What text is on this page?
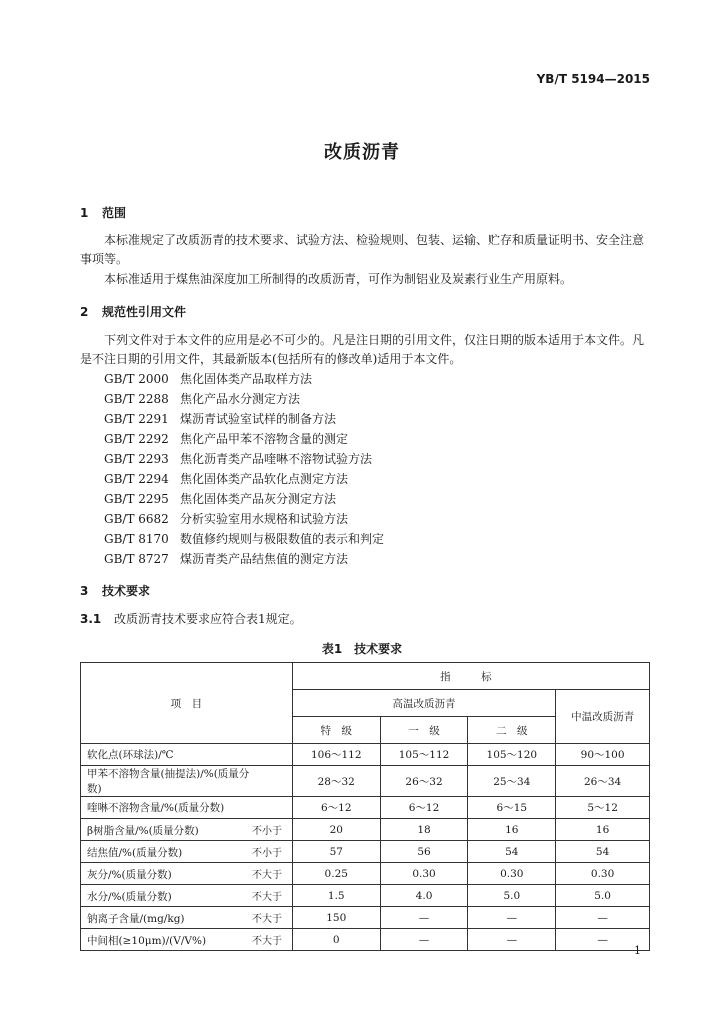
YB/T 5194—2015
改质沥青
1 范围
本标准规定了改质沥青的技术要求、试验方法、检验规则、包装、运输、贮存和质量证明书、安全注意事项等。
本标准适用于煤焦油深度加工所制得的改质沥青，可作为制铝业及炭素行业生产用原料。
2 规范性引用文件
下列文件对于本文件的应用是必不可少的。凡是注日期的引用文件，仅注日期的版本适用于本文件。凡是不注日期的引用文件，其最新版本(包括所有的修改单)适用于本文件。
GB/T 2000 焦化固体类产品取样方法
GB/T 2288 焦化产品水分测定方法
GB/T 2291 煤沥青试验室试样的制备方法
GB/T 2292 焦化产品甲苯不溶物含量的测定
GB/T 2293 焦化沥青类产品喹啉不溶物试验方法
GB/T 2294 焦化固体类产品软化点测定方法
GB/T 2295 焦化固体类产品灰分测定方法
GB/T 6682 分析实验室用水规格和试验方法
GB/T 8170 数值修约规则与极限数值的表示和判定
GB/T 8727 煤沥青类产品结焦值的测定方法
3 技术要求
3.1 改质沥青技术要求应符合表1规定。
表1　技术要求
项　目	指　标			
	高温改质沥青			中温改质沥青
	特　级	一　级	二　级	
软化点(环球法)/℃	106～112	105～112	105～120	90～100
甲苯不溶物含量(抽提法)/%(质量分数)	28～32	26～32	25～34	26～34
喹啉不溶物含量/%(质量分数)	6～12	6～12	6～15	5～12
β树脂含量/%(质量分数) 不小于	20	18	16	16
结焦值/%(质量分数) 不小于	57	56	54	54
灰分/%(质量分数) 不大于	0.25	0.30	0.30	0.30
水分/%(质量分数) 不大于	1.5	4.0	5.0	5.0
钠离子含量/(mg/kg) 不大于	150	—	—	—
中间相(≥10μm)/(V/V%) 不大于	0	—	—	—
1
